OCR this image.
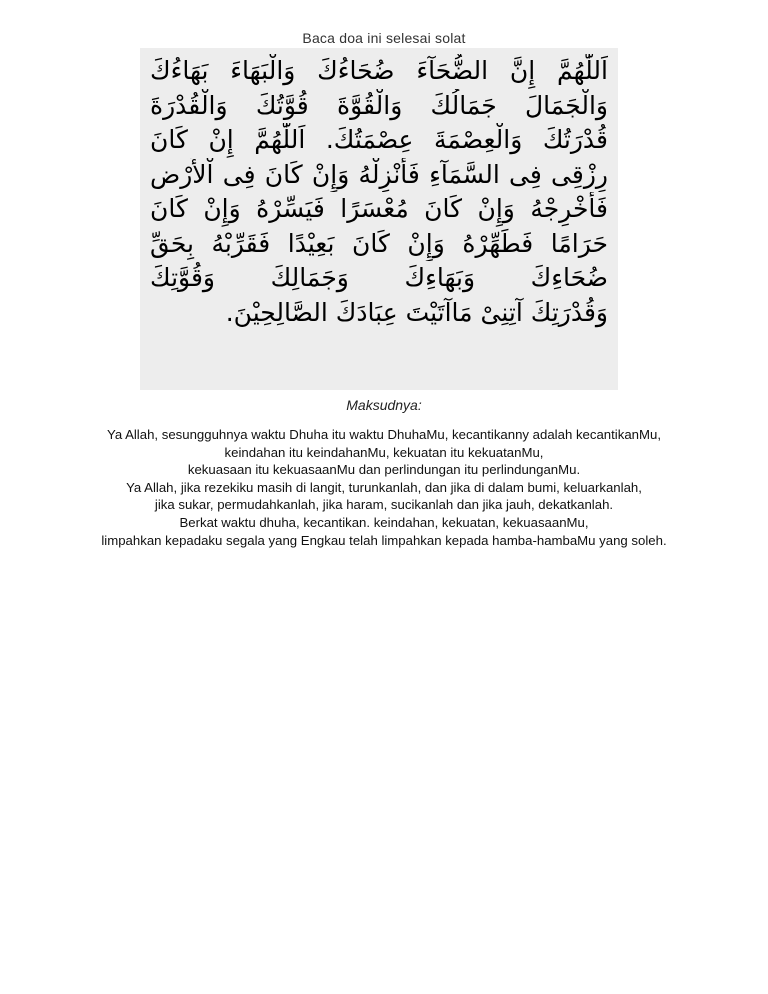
Baca doa ini selesai solat
اَللّٰهُمَّ إِنَّ الضُّحَآءَ ضُحَاءُكَ وَالْبَهَاءَ بَهَاءُكَ
وَالْجَمَالَ جَمَالُكَ وَالْقُوَّةَ قُوَّتُكَ وَالْقُدْرَةَ
قُدْرَتُكَ وَالْعِصْمَةَ عِصْمَتُكَ. اَللّٰهُمَّ إِنْ كَانَ
رِزْقِى فِى السَّمَآءِ فَأَنْزِلْهُ وَإِنْ كَانَ فِى اْلأَرْضِ
فَأَخْرِجْهُ وَإِنْ كَانَ مُعْسَرًا فَيَسِّرْهُ وَإِنْ كَانَ
حَرَامًا فَطَهِّرْهُ وَإِنْ كَانَ بَعِيْدًا فَقَرِّبْهُ بِحَقِّ
ضُحَاءِكَ وَبَهَاءِكَ وَجَمَالِكَ وَقُوَّتِكَ
وَقُدْرَتِكَ آتِنِىْ مَاآتَيْتَ عِبَادَكَ الصَّالِحِيْنَ.
Maksudnya:
Ya Allah, sesungguhnya waktu Dhuha itu waktu DhuhaMu, kecantikanny adalah kecantikanMu,
keindahan itu keindahanMu, kekuatan itu kekuatanMu,
kekuasaan itu kekuasaanMu dan perlindungan itu perlindunganMu.
Ya Allah, jika rezekiku masih di langit, turunkanlah, dan jika di dalam bumi, keluarkanlah,
jika sukar, permudahkanlah, jika haram, sucikanlah dan jika jauh, dekatkanlah.
Berkat waktu dhuha, kecantikan. keindahan, kekuatan, kekuasaanMu,
limpahkan kepadaku segala yang Engkau telah limpahkan kepada hamba-hambaMu yang soleh.
